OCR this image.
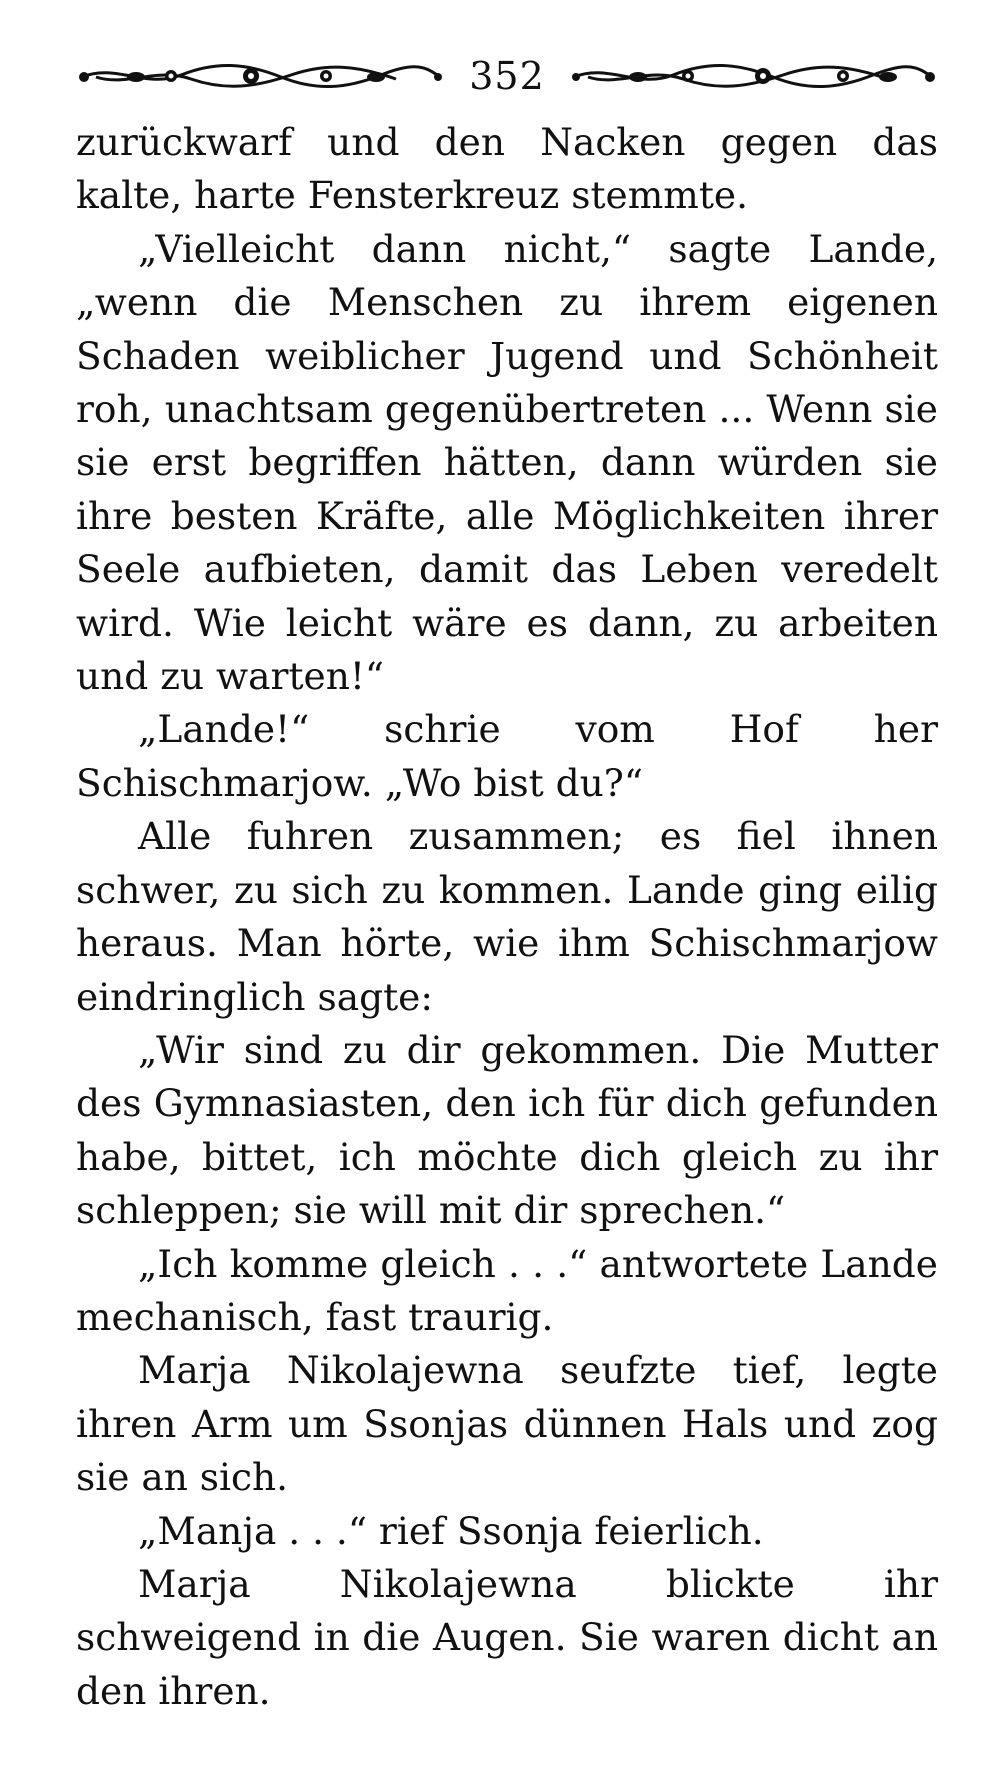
352

zurückwarf und den Nacken gegen das kalte, harte Fensterkreuz stemmte.

„Vielleicht dann nicht,“ sagte Lande, „wenn die Menschen zu ihrem eigenen Schaden weiblicher Jugend und Schönheit roh, unachtsam gegenübertreten ... Wenn sie sie erst begriffen hätten, dann würden sie ihre besten Kräfte, alle Möglichkeiten ihrer Seele aufbieten, damit das Leben veredelt wird. Wie leicht wäre es dann, zu arbeiten und zu warten!“

„Lande!“ schrie vom Hof her Schischmarjow. „Wo bist du?“

Alle fuhren zusammen; es fiel ihnen schwer, zu sich zu kommen. Lande ging eilig heraus. Man hörte, wie ihm Schischmarjow eindringlich sagte:

„Wir sind zu dir gekommen. Die Mutter des Gymnasiasten, den ich für dich gefunden habe, bittet, ich möchte dich gleich zu ihr schleppen; sie will mit dir sprechen.“

„Ich komme gleich . . .“ antwortete Lande mechanisch, fast traurig.

Marja Nikolajewna seufzte tief, legte ihren Arm um Ssonjas dünnen Hals und zog sie an sich.

„Manja . . .“ rief Ssonja feierlich.

Marja Nikolajewna blickte ihr schweigend in die Augen. Sie waren dicht an den ihren.
